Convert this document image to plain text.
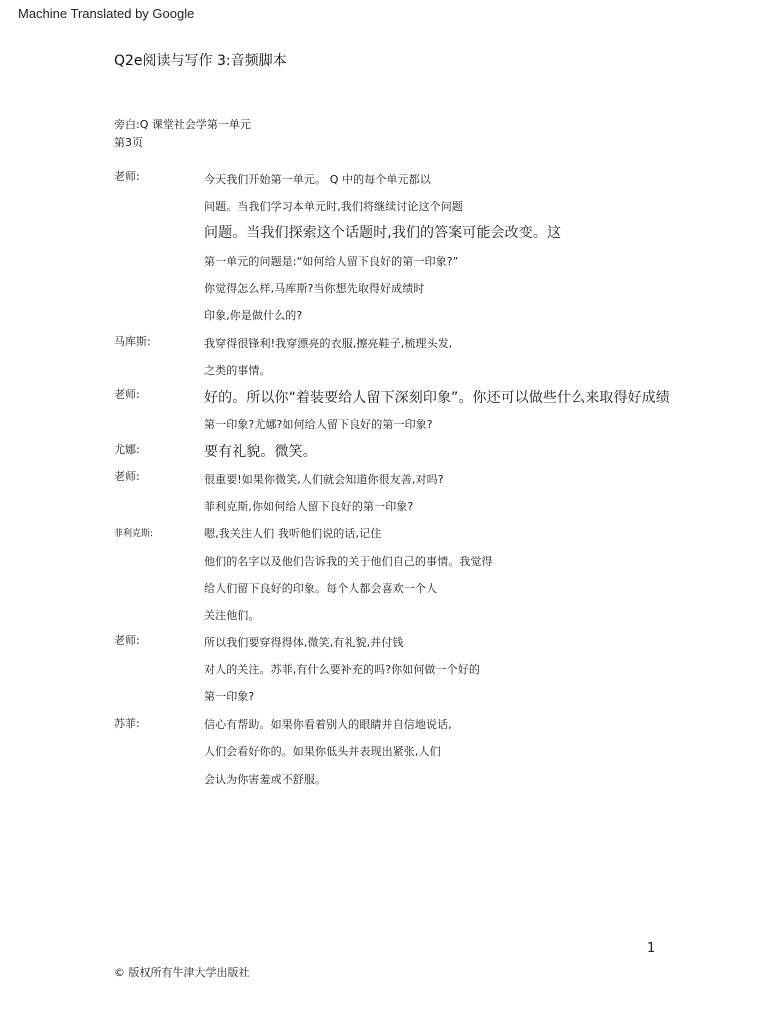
Machine Translated by Google
Q2e阅读与写作 3:音频脚本
旁白:Q 课堂社会学第一单元
第3页
老师:	今天我们开始第一单元。 Q 中的每个单元都以
问题。当我们学习本单元时,我们将继续讨论这个问题
问题。当我们探索这个话题时,我们的答案可能会改变。这
第一单元的问题是:“如何给人留下良好的第一印象?”
你觉得怎么样,马库斯?当你想先取得好成绩时
印象,你是做什么的?
马库斯:	我穿得很锋利!我穿漂亮的衣服,擦亮鞋子,梳理头发,
之类的事情。
老师:	好的。所以你“着装要给人留下深刻印象”。你还可以做些什么来取得好成绩
第一印象?尤娜?如何给人留下良好的第一印象?
尤娜:	要有礼貌。微笑。
老师:	很重要!如果你微笑,人们就会知道你很友善,对吗?
菲利克斯,你如何给人留下良好的第一印象?
菲利克斯:	嗯,我关注人们 我听他们说的话,记住
他们的名字以及他们告诉我的关于他们自己的事情。我觉得
给人们留下良好的印象。每个人都会喜欢一个人
关注他们。
老师:	所以我们要穿得得体,微笑,有礼貌,并付钱
对人的关注。苏菲,有什么要补充的吗?你如何做一个好的
第一印象?
苏菲:	信心有帮助。如果你看着别人的眼睛并自信地说话,
人们会看好你的。如果你低头并表现出紧张,人们
会认为你害羞或不舒服。
1
© 版权所有牛津大学出版社
